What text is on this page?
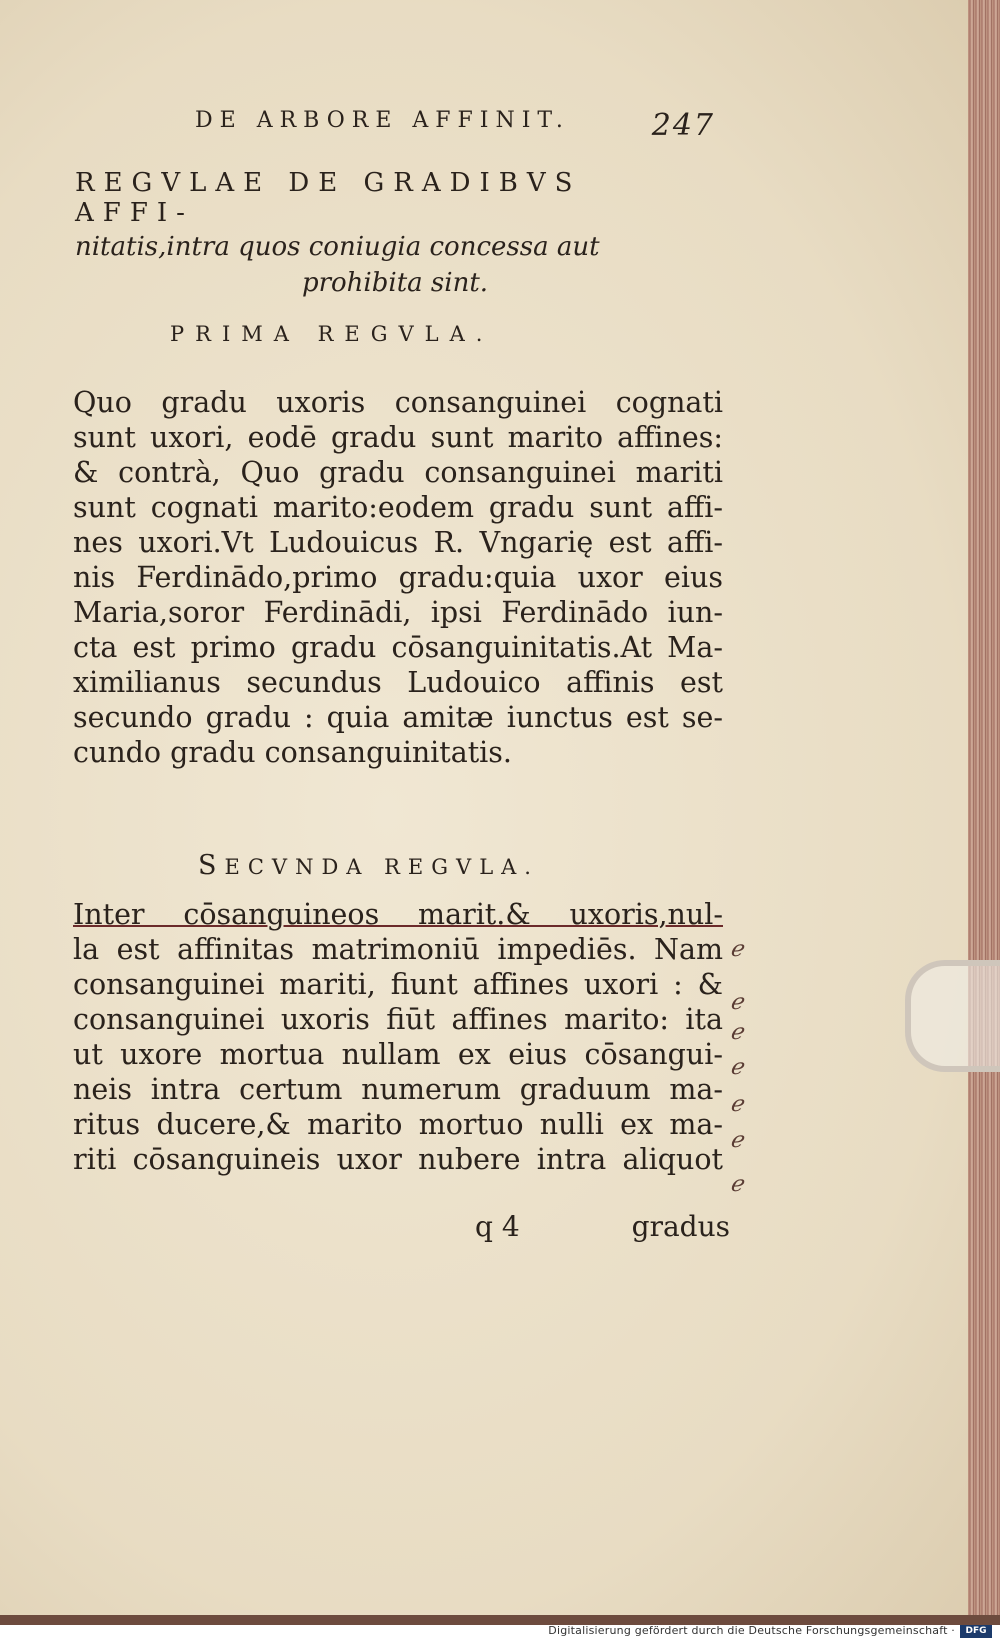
DE ARBORE AFFINIT.	247
REGVLAE DE GRADIBVS AFFI-
nitatis,intra quos coniugia concessa aut
prohibita sint.
PRIMA REGVLA.

Quo gradu uxoris consanguinei cognati
sunt uxori, eodē gradu sunt marito affines:
& contrà, Quo gradu consanguinei mariti
sunt cognati marito:eodem gradu sunt affi-
nes uxori.Vt Ludouicus R. Vngarię est affi-
nis Ferdinādo,primo gradu:quia uxor eius
Maria,soror Ferdinādi, ipsi Ferdinādo iun-
cta est primo gradu cōsanguinitatis.At Ma-
ximilianus secundus Ludouico affinis est
secundo gradu : quia amitæ iunctus est se-
cundo gradu consanguinitatis.

SECVNDA REGVLA.

Inter cōsanguineos marit.& uxoris,nul-
la est affinitas matrimoniū impediēs. Nam
consanguinei mariti, fiunt affines uxori : &
consanguinei uxoris fiūt affines marito: ita
ut uxore mortua nullam ex eius cōsangui-
neis intra certum numerum graduum ma-
ritus ducere,& marito mortuo nulli ex ma-
riti cōsanguineis uxor nubere intra aliquot

ℯ
ℯ
ℯ
ℯ
ℯ
ℯ
ℯ
q 4	gradus
Digitalisierung gefördert durch die Deutsche Forschungsgemeinschaft ·	DFG
